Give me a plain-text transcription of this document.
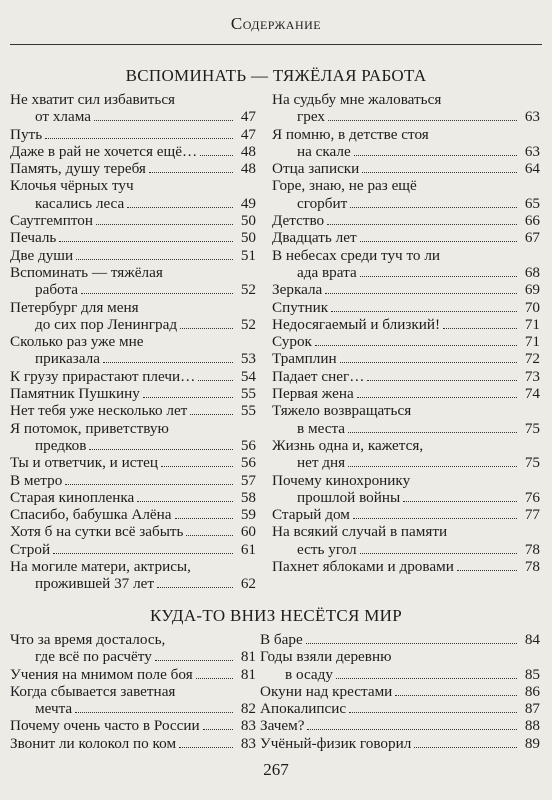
Содержание
ВСПОМИНАТЬ — ТЯЖЁЛАЯ РАБОТА
Не хватит сил избавиться
от хлама	47
Путь	47
Даже в рай не хочется ещё…	48
Память, душу теребя	48
Клочья чёрных туч
касались леса	49
Саутгемптон	50
Печаль	50
Две души	51
Вспоминать — тяжёлая
работа	52
Петербург для меня
до сих пор Ленинград	52
Сколько раз уже мне
приказала	53
К грузу прирастают плечи…	54
Памятник Пушкину	55
Нет тебя уже несколько лет	55
Я потомок, приветствую
предков	56
Ты и ответчик, и истец	56
В метро	57
Старая кинопленка	58
Спасибо, бабушка Алёна	59
Хотя б на сутки всё забыть	60
Строй	61
На могиле матери, актрисы,
прожившей 37 лет	62
На судьбу мне жаловаться
грех	63
Я помню, в детстве стоя
на скале	63
Отца записки	64
Горе, знаю, не раз ещё
сгорбит	65
Детство	66
Двадцать лет	67
В небесах среди туч то ли
ада врата	68
Зеркала	69
Спутник	70
Недосягаемый и близкий!	71
Сурок	71
Трамплин	72
Падает снег…	73
Первая жена	74
Тяжело возвращаться
в места	75
Жизнь одна и, кажется,
нет дня	75
Почему кинохронику
прошлой войны	76
Старый дом	77
На всякий случай в памяти
есть угол	78
Пахнет яблоками и дровами	78
КУДА-ТО ВНИЗ НЕСЁТСЯ МИР
Что за время досталось,
где всё по расчёту	81
Учения на мнимом поле боя	81
Когда сбывается заветная
мечта	82
Почему очень часто в России	83
Звонит ли колокол по ком	83
В баре	84
Годы взяли деревню
в осаду	85
Окуни над крестами	86
Апокалипсис	87
Зачем?	88
Учёный-физик говорил	89
267
